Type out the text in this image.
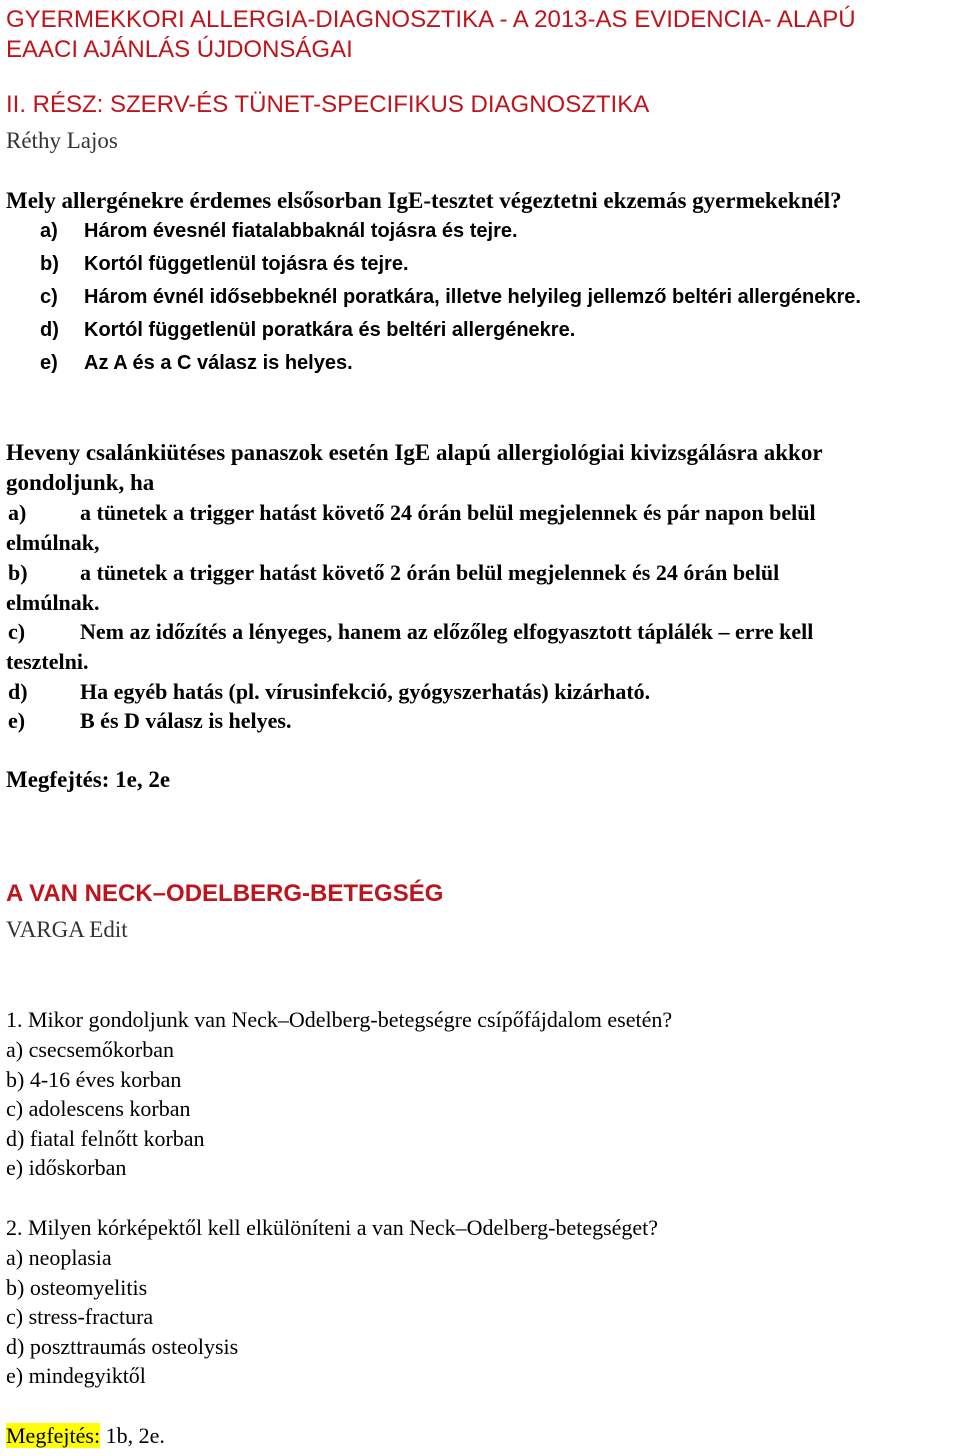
GYERMEKKORI ALLERGIA-DIAGNOSZTIKA - A 2013-AS EVIDENCIA- ALAPÚ
EAACI AJÁNLÁS ÚJDONSÁGAI
II. RÉSZ: SZERV-ÉS TÜNET-SPECIFIKUS DIAGNOSZTIKA
Réthy Lajos
Mely allergénekre érdemes elsősorban IgE-tesztet végeztetni ekzemás gyermekeknél?
a) Három évesnél fiatalabbaknál tojásra és tejre.
b) Kortól függetlenül tojásra és tejre.
c) Három évnél idősebbeknél poratkára, illetve helyileg jellemző beltéri allergénekre.
d) Kortól függetlenül poratkára és beltéri allergénekre.
e) Az A és a C válasz is helyes.
Heveny csalánkiütéses panaszok esetén IgE alapú allergiológiai kivizsgálásra akkor
gondoljunk, ha
a) a tünetek a trigger hatást követő 24 órán belül megjelennek és pár napon belül
elmúlnak,
b) a tünetek a trigger hatást követő 2 órán belül megjelennek és 24 órán belül
elmúlnak.
c) Nem az időzítés a lényeges, hanem az előzőleg elfogyasztott táplálék – erre kell
tesztelni.
d) Ha egyéb hatás (pl. vírusinfekció, gyógyszerhatás) kizárható.
e) B és D válasz is helyes.
Megfejtés: 1e, 2e
A VAN NECK–ODELBERG-BETEGSÉG
VARGA Edit
1. Mikor gondoljunk van Neck–Odelberg-betegségre csípőfájdalom esetén?
a) csecsemőkorban
b) 4-16 éves korban
c) adolescens korban
d) fiatal felnőtt korban
e) időskorban
2. Milyen kórképektől kell elkülöníteni a van Neck–Odelberg-betegséget?
a) neoplasia
b) osteomyelitis
c) stress-fractura
d) poszttraumás osteolysis
e) mindegyiktől
Megfejtés: 1b, 2e.
